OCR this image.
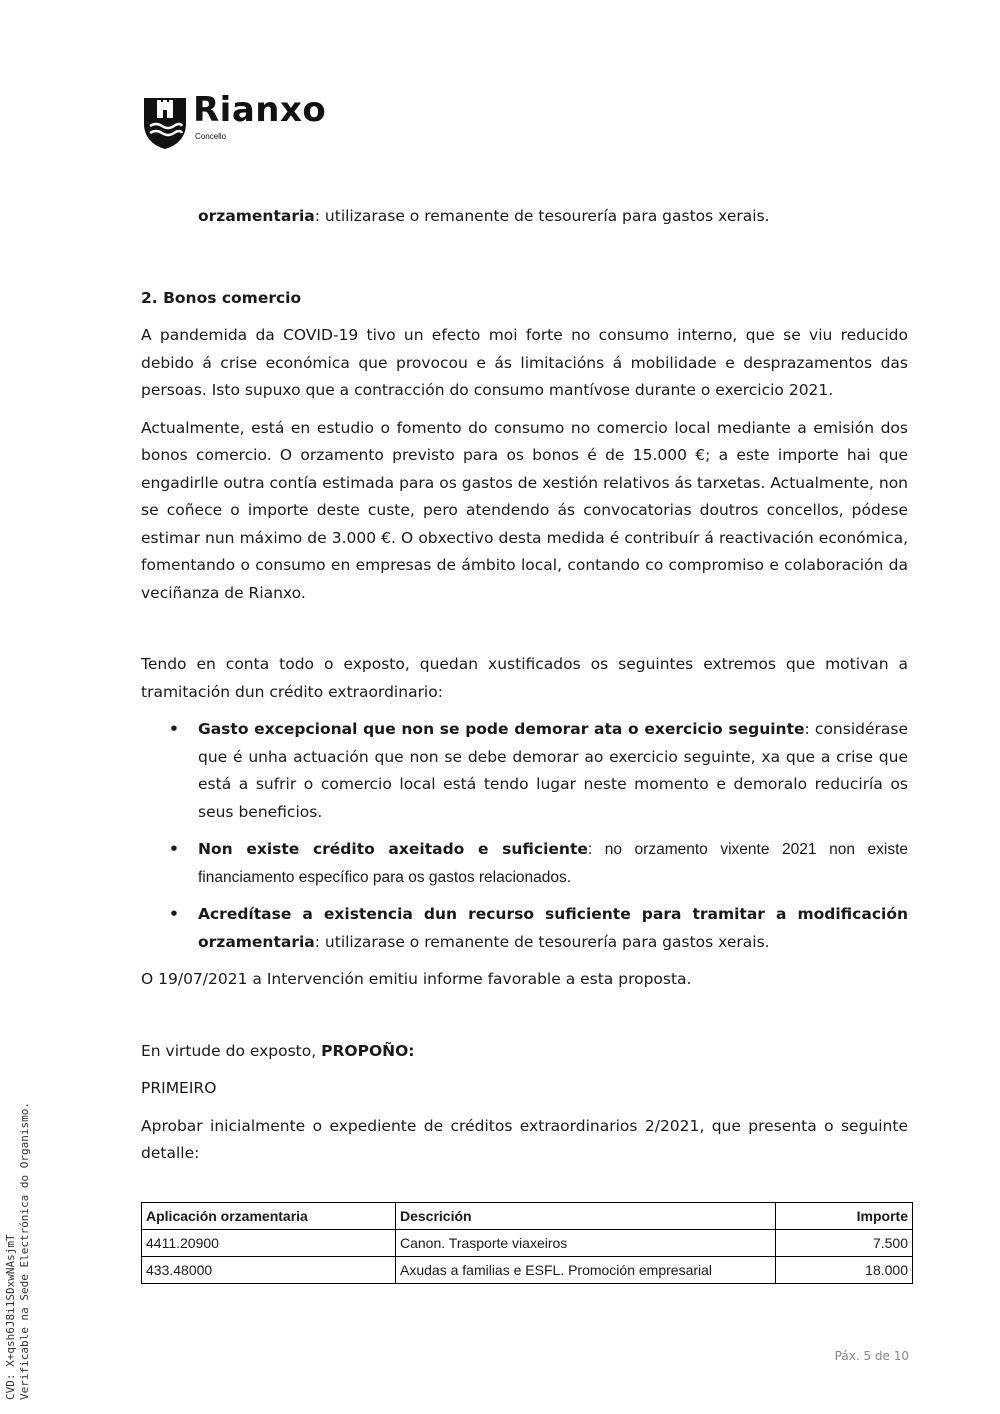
Rianxo
Concello

orzamentaria: utilizarase o remanente de tesourería para gastos xerais.

2. Bonos comercio

A pandemida da COVID-19 tivo un efecto moi forte no consumo interno, que se viu reducido debido á crise económica que provocou e ás limitacións á mobilidade e desprazamentos das persoas. Isto supuxo que a contracción do consumo mantívose durante o exercicio 2021.

Actualmente, está en estudio o fomento do consumo no comercio local mediante a emisión dos bonos comercio. O orzamento previsto para os bonos é de 15.000 €; a este importe hai que engadirlle outra contía estimada para os gastos de xestión relativos ás tarxetas. Actualmente, non se coñece o importe deste custe, pero atendendo ás convocatorias doutros concellos, pódese estimar nun máximo de 3.000 €. O obxectivo desta medida é contribuír á reactivación económica, fomentando o consumo en empresas de ámbito local, contando co compromiso e colaboración da veciñanza de Rianxo.

Tendo en conta todo o exposto, quedan xustificados os seguintes extremos que motivan a tramitación dun crédito extraordinario:

• Gasto excepcional que non se pode demorar ata o exercicio seguinte: considérase que é unha actuación que non se debe demorar ao exercicio seguinte, xa que a crise que está a sufrir o comercio local está tendo lugar neste momento e demoralo reduciría os seus beneficios.
• Non existe crédito axeitado e suficiente: no orzamento vixente 2021 non existe financiamento específico para os gastos relacionados.
• Acredítase a existencia dun recurso suficiente para tramitar a modificación orzamentaria: utilizarase o remanente de tesourería para gastos xerais.

O 19/07/2021 a Intervención emitiu informe favorable a esta proposta.

En virtude do exposto, PROPOÑO:

PRIMEIRO

Aprobar inicialmente o expediente de créditos extraordinarios 2/2021, que presenta o seguinte detalle:

Aplicación orzamentaria	Descrición	Importe
4411.20900	Canon. Trasporte viaxeiros	7.500
433.48000	Axudas a familias e ESFL. Promoción empresarial	18.000
Páx. 5 de 10
CVD: X+qsh6J8i1SDxwNAsjmT Verificable na Sede Electrónica do Organismo.
